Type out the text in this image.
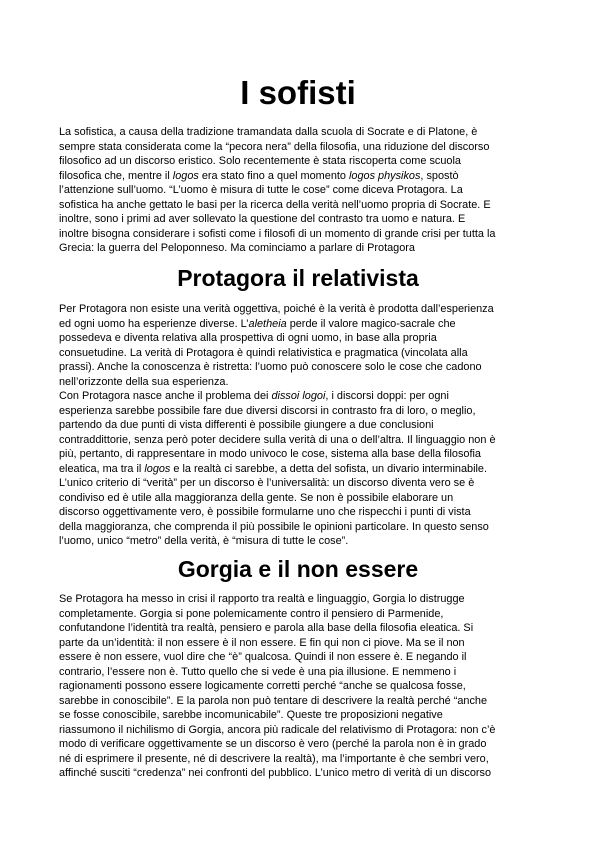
I sofisti
La sofistica, a causa della tradizione tramandata dalla scuola di Socrate e di Platone, è
sempre stata considerata come la “pecora nera” della filosofia, una riduzione del discorso
filosofico ad un discorso eristico. Solo recentemente è stata riscoperta come scuola
filosofica che, mentre il logos era stato fino a quel momento logos physikos, spostò
l’attenzione sull’uomo. “L’uomo è misura di tutte le cose” come diceva Protagora. La
sofistica ha anche gettato le basi per la ricerca della verità nell’uomo propria di Socrate. E
inoltre, sono i primi ad aver sollevato la questione del contrasto tra uomo e natura. E
inoltre bisogna considerare i sofisti come i filosofi di un momento di grande crisi per tutta la
Grecia: la guerra del Peloponneso. Ma cominciamo a parlare di Protagora
Protagora il relativista
Per Protagora non esiste una verità oggettiva, poiché è la verità è prodotta dall’esperienza
ed ogni uomo ha esperienze diverse. L’aletheia perde il valore magico-sacrale che
possedeva e diventa relativa alla prospettiva di ogni uomo, in base alla propria
consuetudine. La verità di Protagora è quindi relativistica e pragmatica (vincolata alla
prassi). Anche la conoscenza è ristretta: l’uomo può conoscere solo le cose che cadono
nell’orizzonte della sua esperienza.
Con Protagora nasce anche il problema dei dissoi logoi, i discorsi doppi: per ogni
esperienza sarebbe possibile fare due diversi discorsi in contrasto fra di loro, o meglio,
partendo da due punti di vista differenti è possibile giungere a due conclusioni
contraddittorie, senza però poter decidere sulla verità di una o dell’altra. Il linguaggio non è
più, pertanto, di rappresentare in modo univoco le cose, sistema alla base della filosofia
eleatica, ma tra il logos e la realtà ci sarebbe, a detta del sofista, un divario interminabile.
L’unico criterio di “verità” per un discorso è l’universalità: un discorso diventa vero se è
condiviso ed è utile alla maggioranza della gente. Se non è possibile elaborare un
discorso oggettivamente vero, è possibile formularne uno che rispecchi i punti di vista
della maggioranza, che comprenda il più possibile le opinioni particolare. In questo senso
l’uomo, unico “metro” della verità, è “misura di tutte le cose”.
Gorgia e il non essere
Se Protagora ha messo in crisi il rapporto tra realtà e linguaggio, Gorgia lo distrugge
completamente. Gorgia si pone polemicamente contro il pensiero di Parmenide,
confutandone l’identità tra realtà, pensiero e parola alla base della filosofia eleatica. Si
parte da un’identità: il non essere è il non essere. E fin qui non ci piove. Ma se il non
essere è non essere, vuol dire che “è” qualcosa. Quindi il non essere è. E negando il
contrario, l’essere non è. Tutto quello che si vede è una pia illusione. E nemmeno i
ragionamenti possono essere logicamente corretti perché “anche se qualcosa fosse,
sarebbe in conoscibile”. E la parola non può tentare di descrivere la realtà perché “anche
se fosse conoscibile, sarebbe incomunicabile”. Queste tre proposizioni negative
riassumono il nichilismo di Gorgia, ancora più radicale del relativismo di Protagora: non c’è
modo di verificare oggettivamente se un discorso è vero (perché la parola non è in grado
né di esprimere il presente, né di descrivere la realtà), ma l’importante è che sembri vero,
affinché susciti “credenza” nei confronti del pubblico. L’unico metro di verità di un discorso
